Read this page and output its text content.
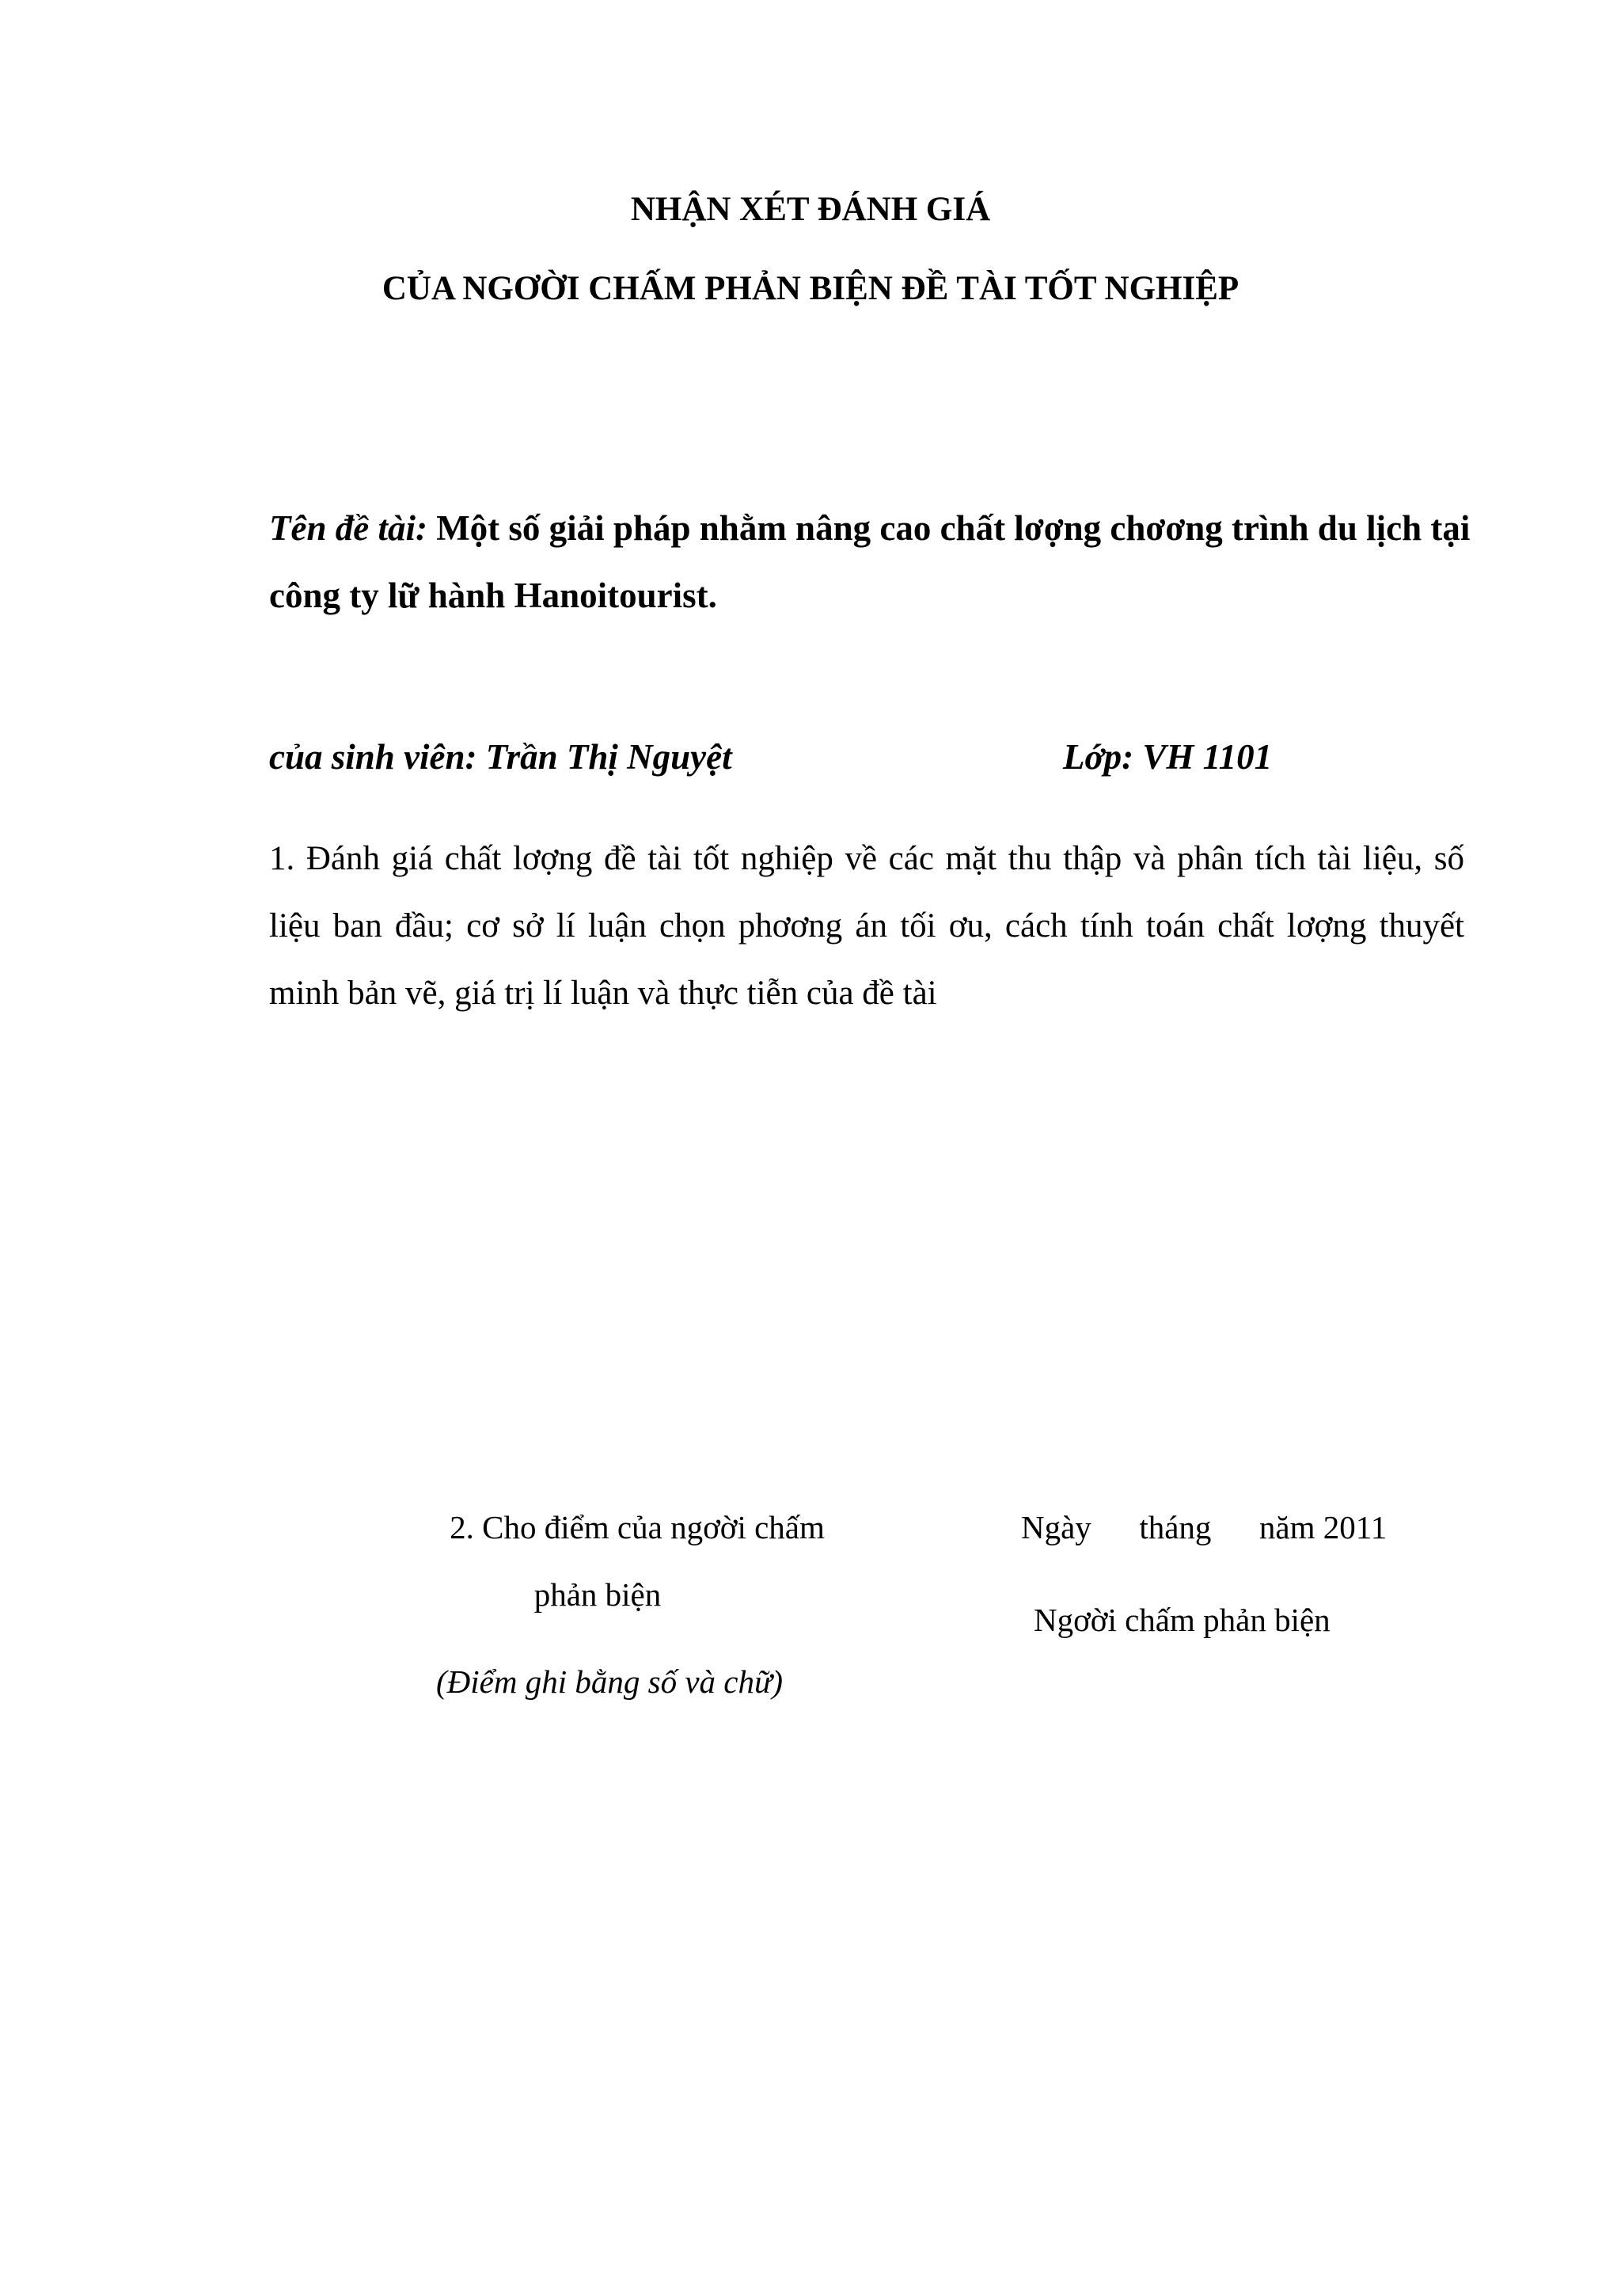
NHẬN XÉT ĐÁNH GIÁ
CỦA NGƠỜI CHẤM PHẢN BIỆN ĐỀ TÀI TỐT NGHIỆP
Tên đề tài: Một số giải pháp nhằm nâng cao chất lơợng chơơng trình du lịch tại công ty lữ hành Hanoitourist.
của sinh viên: Trần Thị Nguyệt	Lớp: VH 1101
1. Đánh giá chất lơợng đề tài tốt nghiệp về các mặt thu thập và phân tích tài liệu, số liệu ban đầu; cơ sở lí luận chọn phơơng án tối ơu, cách tính toán chất lơợng thuyết minh bản vẽ, giá trị lí luận và thực tiễn của đề tài
2. Cho điểm của ngơời chấm
phản biện
(Điểm ghi bằng số và chữ)
Ngày tháng năm 2011
Ngơời chấm phản biện
